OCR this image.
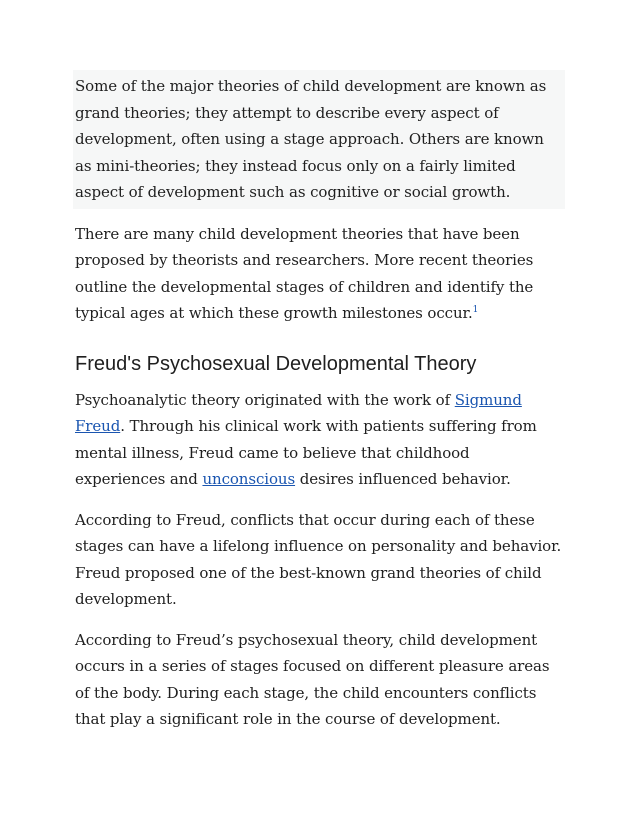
Some of the major theories of child development are known as grand theories; they attempt to describe every aspect of development, often using a stage approach. Others are known as mini-theories; they instead focus only on a fairly limited aspect of development such as cognitive or social growth.

There are many child development theories that have been proposed by theorists and researchers. More recent theories outline the developmental stages of children and identify the typical ages at which these growth milestones occur.$^1$

Freud's Psychosexual Developmental Theory

Psychoanalytic theory originated with the work of Sigmund Freud. Through his clinical work with patients suffering from mental illness, Freud came to believe that childhood experiences and unconscious desires influenced behavior.

According to Freud, conflicts that occur during each of these stages can have a lifelong influence on personality and behavior. Freud proposed one of the best-known grand theories of child development.

According to Freud’s psychosexual theory, child development occurs in a series of stages focused on different pleasure areas of the body. During each stage, the child encounters conflicts that play a significant role in the course of development.
